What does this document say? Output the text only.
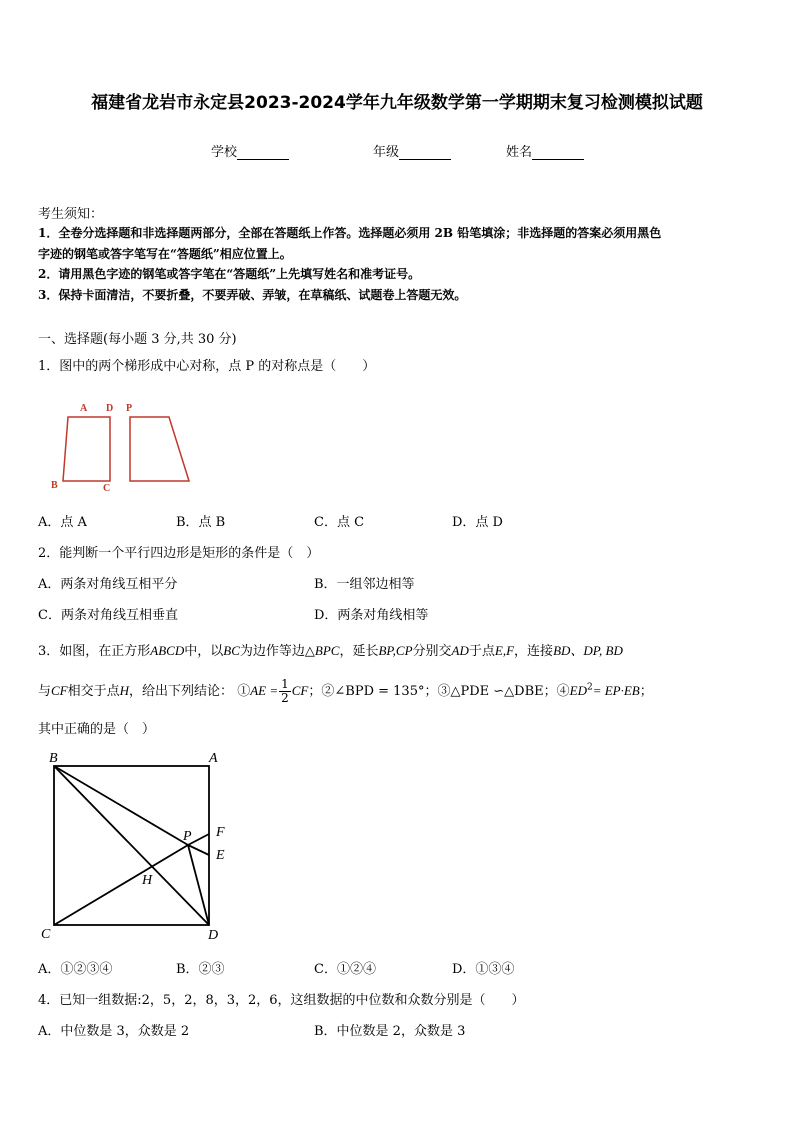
福建省龙岩市永定县2023-2024学年九年级数学第一学期期末复习检测模拟试题
学校	年级	姓名
考生须知：
1．全卷分选择题和非选择题两部分，全部在答题纸上作答。选择题必须用 2B 铅笔填涂；非选择题的答案必须用黑色
字迹的钢笔或答字笔写在“答题纸”相应位置上。
2．请用黑色字迹的钢笔或答字笔在“答题纸”上先填写姓名和准考证号。
3．保持卡面清洁，不要折叠，不要弄破、弄皱，在草稿纸、试题卷上答题无效。
一、选择题(每小题 3 分,共 30 分)
1．图中的两个梯形成中心对称，点 P 的对称点是（　　）
A D P
B	C
A．点 A	B．点 B	C．点 C	D．点 D
2．能判断一个平行四边形是矩形的条件是（　）
A．两条对角线互相平分	B．一组邻边相等
C．两条对角线互相垂直	D．两条对角线相等
3．如图，在正方形ABCD中，以BC为边作等边△BPC，延长BP,CP分别交AD于点E,F，连接BD、DP, BD
与CF相交于点H，给出下列结论： ①AE = $\frac{1}{2}$ CF；②∠BPD = 135°；③△PDE ∽△DBE；$④ED^2= EP\cdot EB$；
其中正确的是（　）
B	A
C	D
P F
E
H
A．①②③④	B．②③	C．①②④	D．①③④
4．已知一组数据:2，5，2，8，3，2，6，这组数据的中位数和众数分别是（　　）
A．中位数是 3，众数是 2	B．中位数是 2，众数是 3
